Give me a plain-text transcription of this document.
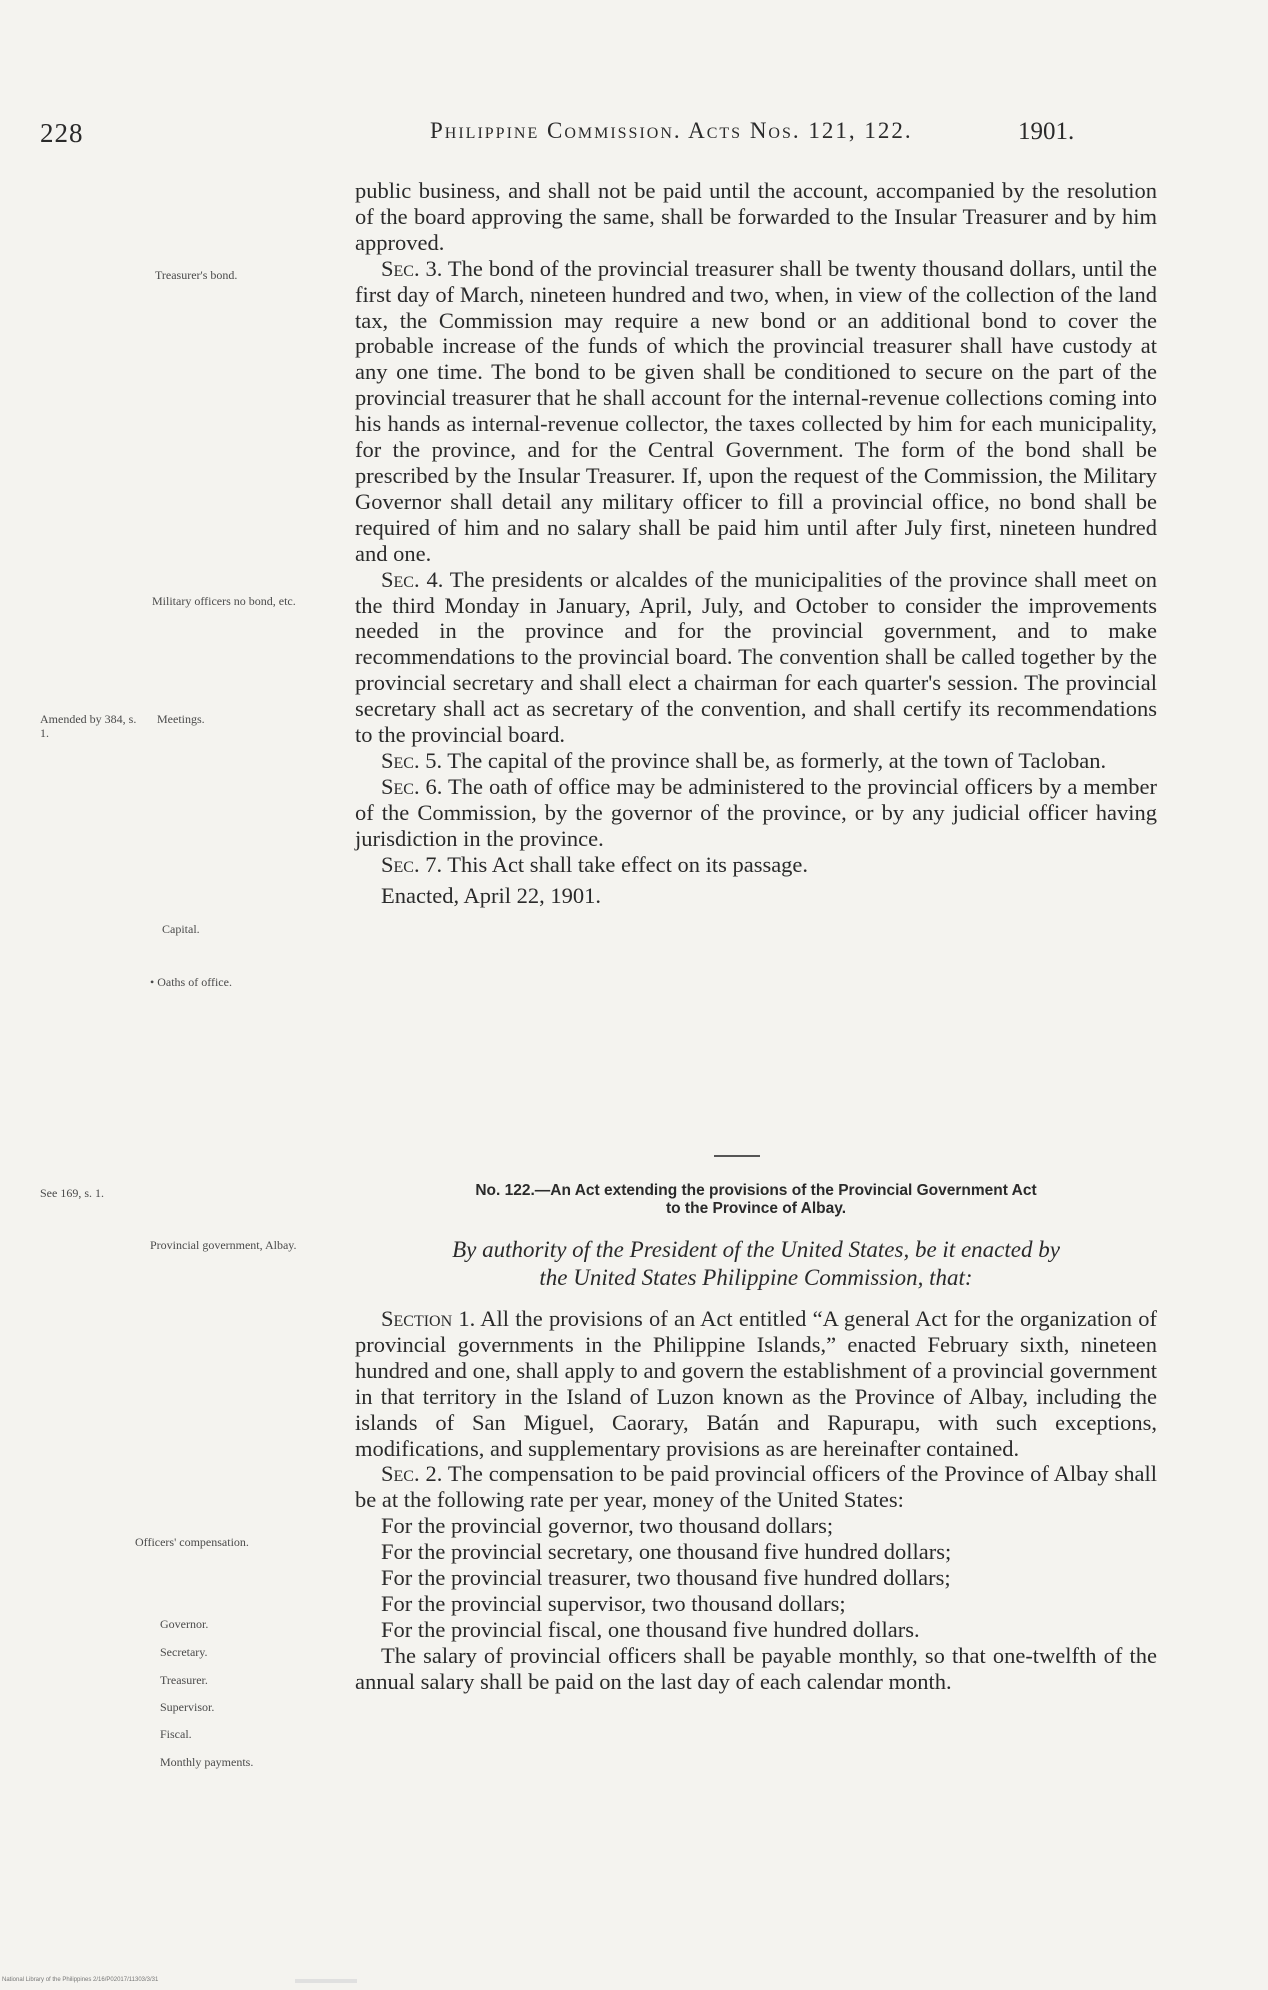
228	Philippine Commission. Acts Nos. 121, 122.	1901.
Treasurer's bond.
Military officers no bond, etc.
Amended by 384, s. 1.
Meetings.
Capital.
• Oaths of office.
See 169, s. 1.
Provincial government, Albay.
Officers' compensation.
Governor.
Secretary.
Treasurer.
Supervisor.
Fiscal.
Monthly payments.

public business, and shall not be paid until the account, accompanied by the resolution of the board approving the same, shall be forwarded to the Insular Treasurer and by him approved.

Sec. 3. The bond of the provincial treasurer shall be twenty thousand dollars, until the first day of March, nineteen hundred and two, when, in view of the collection of the land tax, the Commission may require a new bond or an additional bond to cover the probable increase of the funds of which the provincial treasurer shall have custody at any one time. The bond to be given shall be conditioned to secure on the part of the provincial treasurer that he shall account for the internal-revenue collections coming into his hands as internal-revenue collector, the taxes collected by him for each municipality, for the province, and for the Central Government. The form of the bond shall be prescribed by the Insular Treasurer. If, upon the request of the Commission, the Military Governor shall detail any military officer to fill a provincial office, no bond shall be required of him and no salary shall be paid him until after July first, nineteen hundred and one.

Sec. 4. The presidents or alcaldes of the municipalities of the province shall meet on the third Monday in January, April, July, and October to consider the improvements needed in the province and for the provincial government, and to make recommendations to the provincial board. The convention shall be called together by the provincial secretary and shall elect a chairman for each quarter's session. The provincial secretary shall act as secretary of the convention, and shall certify its recommendations to the provincial board.

Sec. 5. The capital of the province shall be, as formerly, at the town of Tacloban.

Sec. 6. The oath of office may be administered to the provincial officers by a member of the Commission, by the governor of the province, or by any judicial officer having jurisdiction in the province.

Sec. 7. This Act shall take effect on its passage.

Enacted, April 22, 1901.

No. 122.—An Act extending the provisions of the Provincial Government Act
to the Province of Albay.
By authority of the President of the United States, be it enacted by
the United States Philippine Commission, that:

Section 1. All the provisions of an Act entitled “A general Act for the organization of provincial governments in the Philippine Islands,” enacted February sixth, nineteen hundred and one, shall apply to and govern the establishment of a provincial government in that territory in the Island of Luzon known as the Province of Albay, including the islands of San Miguel, Caorary, Batán and Rapurapu, with such exceptions, modifications, and supplementary provisions as are hereinafter contained.

Sec. 2. The compensation to be paid provincial officers of the Province of Albay shall be at the following rate per year, money of the United States:

For the provincial governor, two thousand dollars;

For the provincial secretary, one thousand five hundred dollars;

For the provincial treasurer, two thousand five hundred dollars;

For the provincial supervisor, two thousand dollars;

For the provincial fiscal, one thousand five hundred dollars.

The salary of provincial officers shall be payable monthly, so that one-twelfth of the annual salary shall be paid on the last day of each calendar month.

National Library of the Philippines 2/16/P02017/11303/3/31
